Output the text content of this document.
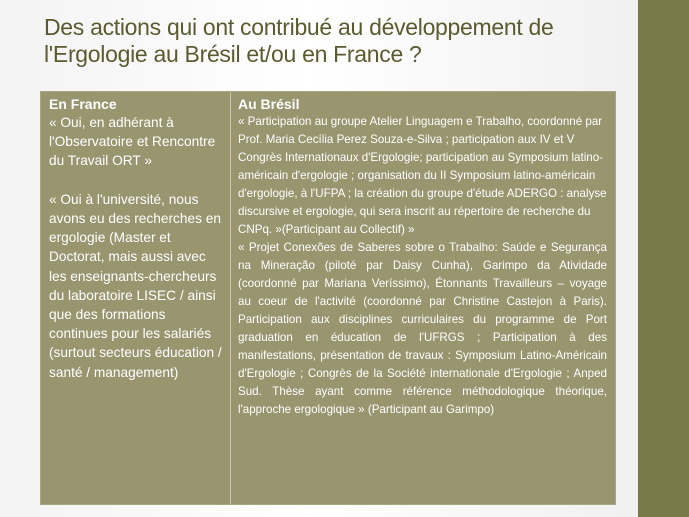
Des actions qui ont contribué au développement de l'Ergologie au Brésil et/ou en France ?
En France
« Oui, en adhérant à l'Observatoire et Rencontre du Travail ORT »

« Oui à l'université, nous avons eu des recherches en ergologie (Master et Doctorat, mais aussi avec les enseignants-chercheurs du laboratoire LISEC / ainsi que des formations continues pour les salariés (surtout secteurs éducation / santé / management)
Au Brésil

« Participation au groupe Atelier Linguagem e Trabalho, coordonné par Prof. Maria Cecília Perez Souza-e-Silva ; participation aux IV et V Congrès Internationaux d'Ergologie; participation au Symposium latino-américain d'ergologie ; organisation du II Symposium latino-américain d'ergologie, à l'UFPA ; la création du groupe d'étude ADERGO : analyse discursive et ergologie, qui sera inscrit au répertoire de recherche du CNPq. »(Participant au Collectif) »

« Projet Conexões de Saberes sobre o Trabalho: Saúde e Segurança na Mineração (piloté par Daisy Cunha), Garimpo da Atividade (coordonné par Mariana Veríssimo), Étonnants Travailleurs – voyage au coeur de l'activité (coordonné par Christine Castejon à Paris). Participation aux disciplines curriculaires du programme de Port graduation en éducation de l'UFRGS ; Participation à des manifestations, présentation de travaux : Symposium Latino-Américain d'Ergologie ; Congrès de la Société internationale d'Ergologie ; Anped Sud. Thèse ayant comme référence méthodologique théorique, l'approche ergologique » (Participant au Garimpo)
